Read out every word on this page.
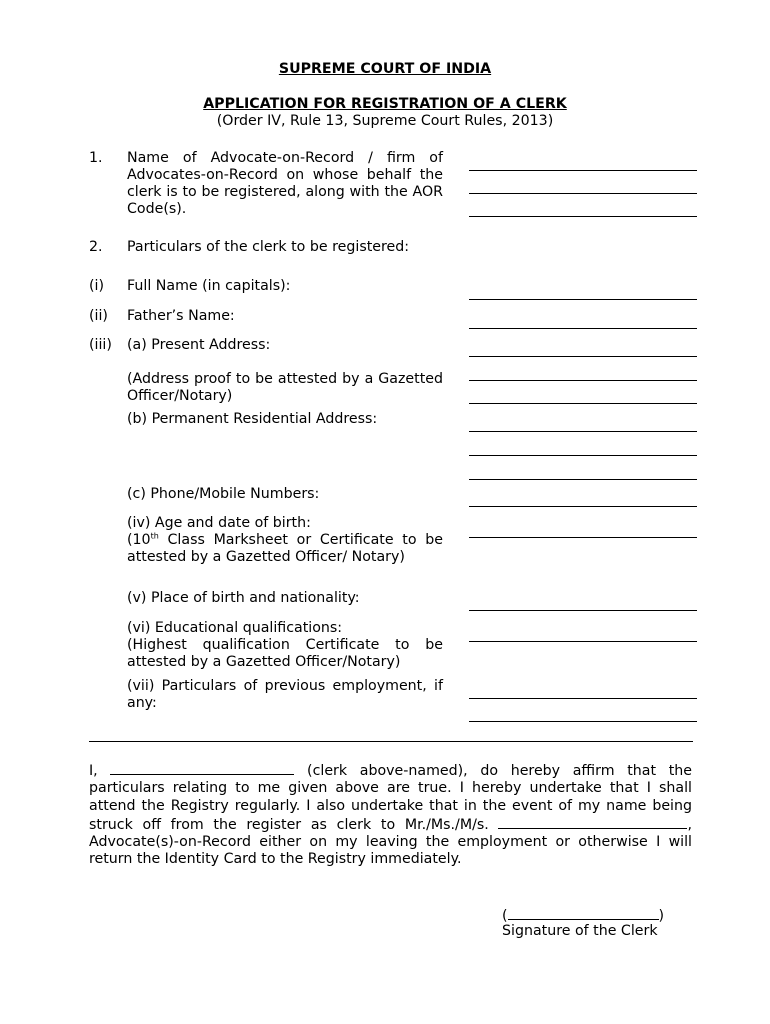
SUPREME COURT OF INDIA
APPLICATION FOR REGISTRATION OF A CLERK
(Order IV, Rule 13, Supreme Court Rules, 2013)
1. Name of Advocate-on-Record / firm of Advocates-on-Record on whose behalf the clerk is to be registered, along with the AOR Code(s).
2. Particulars of the clerk to be registered:
(i) Full Name (in capitals):
(ii) Father’s Name:
(iii) (a) Present Address:
(Address proof to be attested by a Gazetted Officer/Notary)
(b) Permanent Residential Address:
(c) Phone/Mobile Numbers:
(iv) Age and date of birth:
(10th Class Marksheet or Certificate to be attested by a Gazetted Officer/ Notary)
(v) Place of birth and nationality:
(vi) Educational qualifications:
(Highest qualification Certificate to be attested by a Gazetted Officer/Notary)
(vii) Particulars of previous employment, if any:
I,	(clerk above-named), do hereby affirm that the particulars relating to me given above are true. I hereby undertake that I shall attend the Registry regularly. I also undertake that in the event of my name being struck off from the register as clerk to Mr./Ms./M/s.	, Advocate(s)-on-Record either on my leaving the employment or otherwise I will return the Identity Card to the Registry immediately.
(	)
Signature of the Clerk
